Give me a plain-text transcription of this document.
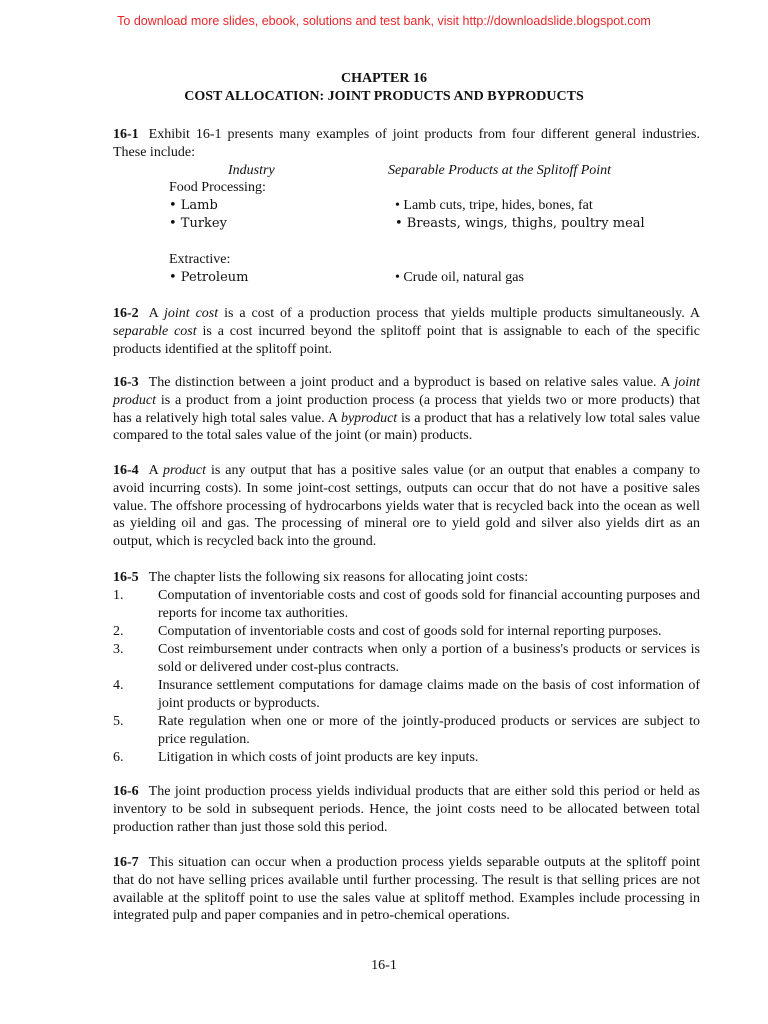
To download more slides, ebook, solutions and test bank, visit http://downloadslide.blogspot.com
CHAPTER 16
COST ALLOCATION: JOINT PRODUCTS AND BYPRODUCTS
16-1 Exhibit 16-1 presents many examples of joint products from four different general industries. These include:
Industry	Separable Products at the Splitoff Point
Food Processing:
• Lamb	• Lamb cuts, tripe, hides, bones, fat
• Turkey	• Breasts, wings, thighs, poultry meal
Extractive:
• Petroleum	• Crude oil, natural gas
16-2 A joint cost is a cost of a production process that yields multiple products simultaneously. A separable cost is a cost incurred beyond the splitoff point that is assignable to each of the specific products identified at the splitoff point.
16-3 The distinction between a joint product and a byproduct is based on relative sales value. A joint product is a product from a joint production process (a process that yields two or more products) that has a relatively high total sales value. A byproduct is a product that has a relatively low total sales value compared to the total sales value of the joint (or main) products.
16-4 A product is any output that has a positive sales value (or an output that enables a company to avoid incurring costs). In some joint-cost settings, outputs can occur that do not have a positive sales value. The offshore processing of hydrocarbons yields water that is recycled back into the ocean as well as yielding oil and gas. The processing of mineral ore to yield gold and silver also yields dirt as an output, which is recycled back into the ground.
16-5 The chapter lists the following six reasons for allocating joint costs:
1. Computation of inventoriable costs and cost of goods sold for financial accounting purposes and reports for income tax authorities.
2. Computation of inventoriable costs and cost of goods sold for internal reporting purposes.
3. Cost reimbursement under contracts when only a portion of a business's products or services is sold or delivered under cost-plus contracts.
4. Insurance settlement computations for damage claims made on the basis of cost information of joint products or byproducts.
5. Rate regulation when one or more of the jointly-produced products or services are subject to price regulation.
6. Litigation in which costs of joint products are key inputs.
16-6 The joint production process yields individual products that are either sold this period or held as inventory to be sold in subsequent periods. Hence, the joint costs need to be allocated between total production rather than just those sold this period.
16-7 This situation can occur when a production process yields separable outputs at the splitoff point that do not have selling prices available until further processing. The result is that selling prices are not available at the splitoff point to use the sales value at splitoff method. Examples include processing in integrated pulp and paper companies and in petro-chemical operations.
16-1
